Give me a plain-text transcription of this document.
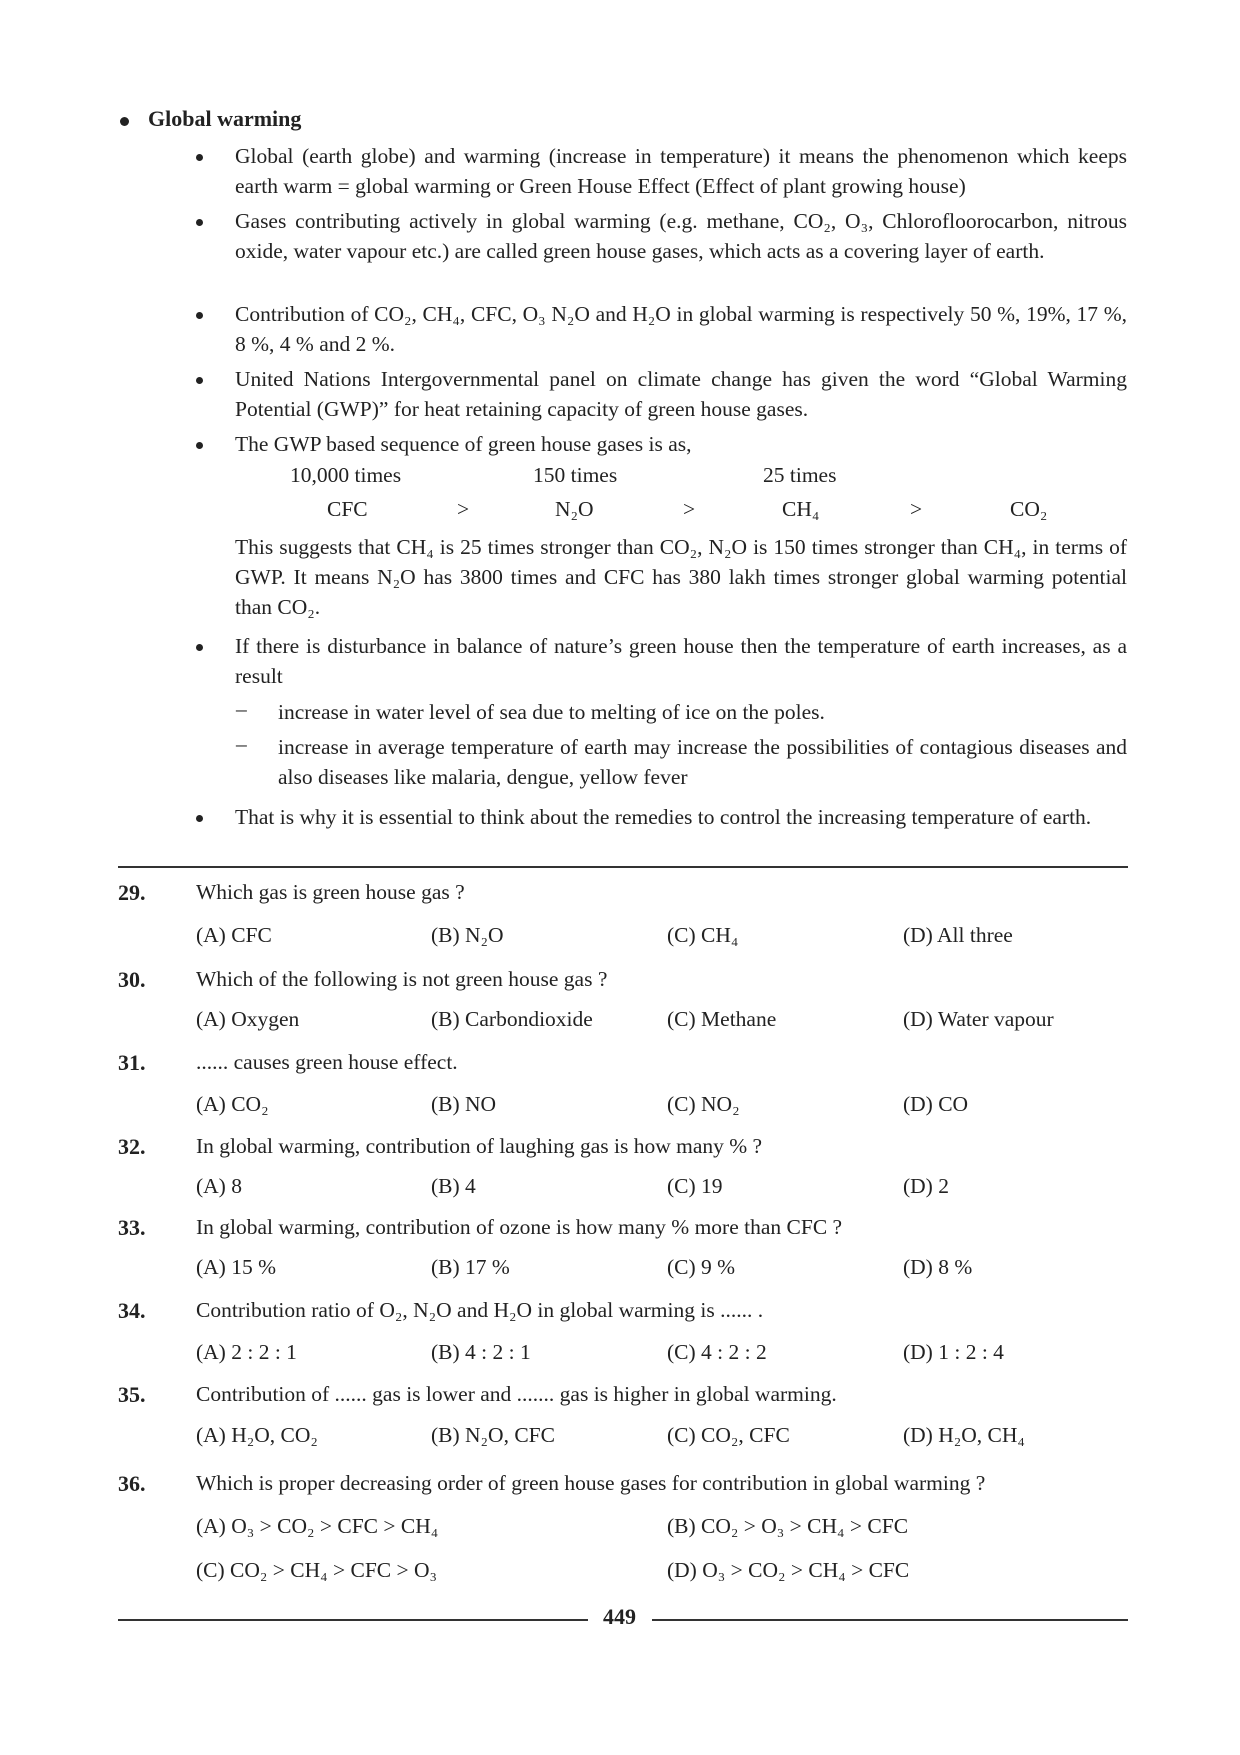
Global warming
Global (earth globe) and warming (increase in temperature) it means the phenomenon which keeps earth warm = global warming or Green House Effect (Effect of plant growing house)
Gases contributing actively in global warming (e.g. methane, CO₂, O₃, Chlorofloorocarbon, nitrous oxide, water vapour etc.) are called green house gases, which acts as a covering layer of earth.
Contribution of CO₂, CH₄, CFC, O₃ N₂O and H₂O in global warming is respectively 50 %, 19%, 17 %, 8 %, 4 % and 2 %.
United Nations Intergovernmental panel on climate change has given the word “Global Warming Potential (GWP)” for heat retaining capacity of green house gases.
The GWP based sequence of green house gases is as,
10,000 times	150 times	25 times
CFC	>	N₂O	>	CH₄	>	CO₂
This suggests that CH₄ is 25 times stronger than CO₂, N₂O is 150 times stronger than CH₄, in terms of GWP. It means N₂O has 3800 times and CFC has 380 lakh times stronger global warming potential than CO₂.
If there is disturbance in balance of nature’s green house then the temperature of earth increases, as a result
– increase in water level of sea due to melting of ice on the poles.
– increase in average temperature of earth may increase the possibilities of contagious diseases and also diseases like malaria, dengue, yellow fever
That is why it is essential to think about the remedies to control the increasing temperature of earth.
29. Which gas is green house gas ?
(A) CFC	(B) N₂O	(C) CH₄	(D) All three
30. Which of the following is not green house gas ?
(A) Oxygen	(B) Carbondioxide	(C) Methane	(D) Water vapour
31. ...... causes green house effect.
(A) CO₂	(B) NO	(C) NO₂	(D) CO
32. In global warming, contribution of laughing gas is how many % ?
(A) 8	(B) 4	(C) 19	(D) 2
33. In global warming, contribution of ozone is how many % more than CFC ?
(A) 15 %	(B) 17 %	(C) 9 %	(D) 8 %
34. Contribution ratio of O₂, N₂O and H₂O in global warming is ...... .
(A) 2 : 2 : 1	(B) 4 : 2 : 1	(C) 4 : 2 : 2	(D) 1 : 2 : 4
35. Contribution of ...... gas is lower and ....... gas is higher in global warming.
(A) H₂O, CO₂	(B) N₂O, CFC	(C) CO₂, CFC	(D) H₂O, CH₄
36. Which is proper decreasing order of green house gases for contribution in global warming ?
(A) O₃ > CO₂ > CFC > CH₄	(B) CO₂ > O₃ > CH₄ > CFC
(C) CO₂ > CH₄ > CFC > O₃	(D) O₃ > CO₂ > CH₄ > CFC
449
